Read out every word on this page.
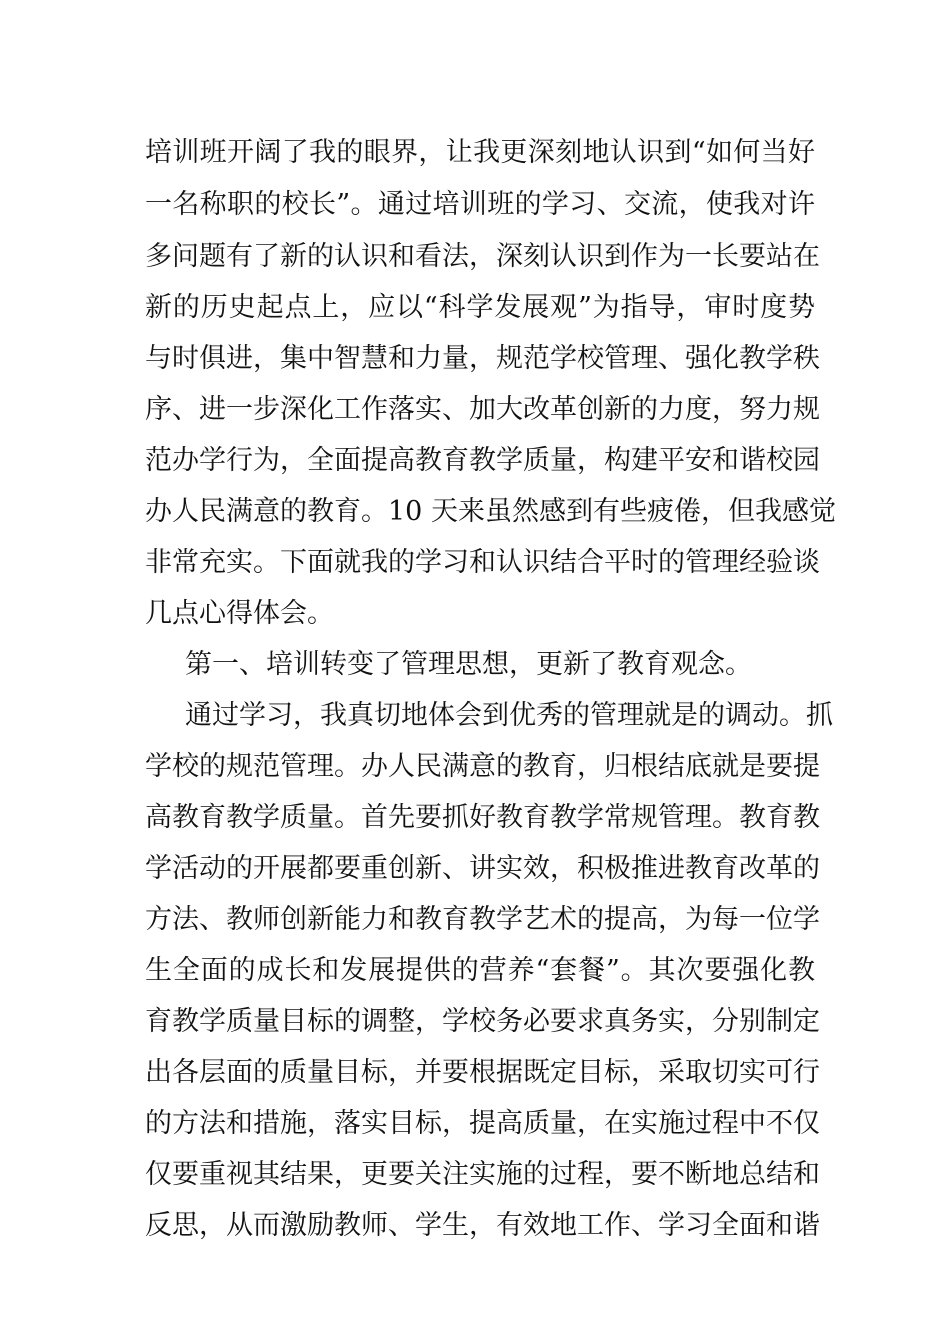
培训班开阔了我的眼界，让我更深刻地认识到“如何当好
一名称职的校长”。通过培训班的学习、交流，使我对许
多问题有了新的认识和看法，深刻认识到作为一长要站在
新的历史起点上，应以“科学发展观”为指导，审时度势
与时俱进，集中智慧和力量，规范学校管理、强化教学秩
序、进一步深化工作落实、加大改革创新的力度，努力规
范办学行为，全面提高教育教学质量，构建平安和谐校园
办人民满意的教育。10 天来虽然感到有些疲倦，但我感觉
非常充实。下面就我的学习和认识结合平时的管理经验谈
几点心得体会。
第一、培训转变了管理思想，更新了教育观念。
通过学习，我真切地体会到优秀的管理就是的调动。抓
学校的规范管理。办人民满意的教育，归根结底就是要提
高教育教学质量。首先要抓好教育教学常规管理。教育教
学活动的开展都要重创新、讲实效，积极推进教育改革的
方法、教师创新能力和教育教学艺术的提高，为每一位学
生全面的成长和发展提供的营养“套餐”。其次要强化教
育教学质量目标的调整，学校务必要求真务实，分别制定
出各层面的质量目标，并要根据既定目标，采取切实可行
的方法和措施，落实目标，提高质量，在实施过程中不仅
仅要重视其结果，更要关注实施的过程，要不断地总结和
反思，从而激励教师、学生，有效地工作、学习全面和谐
